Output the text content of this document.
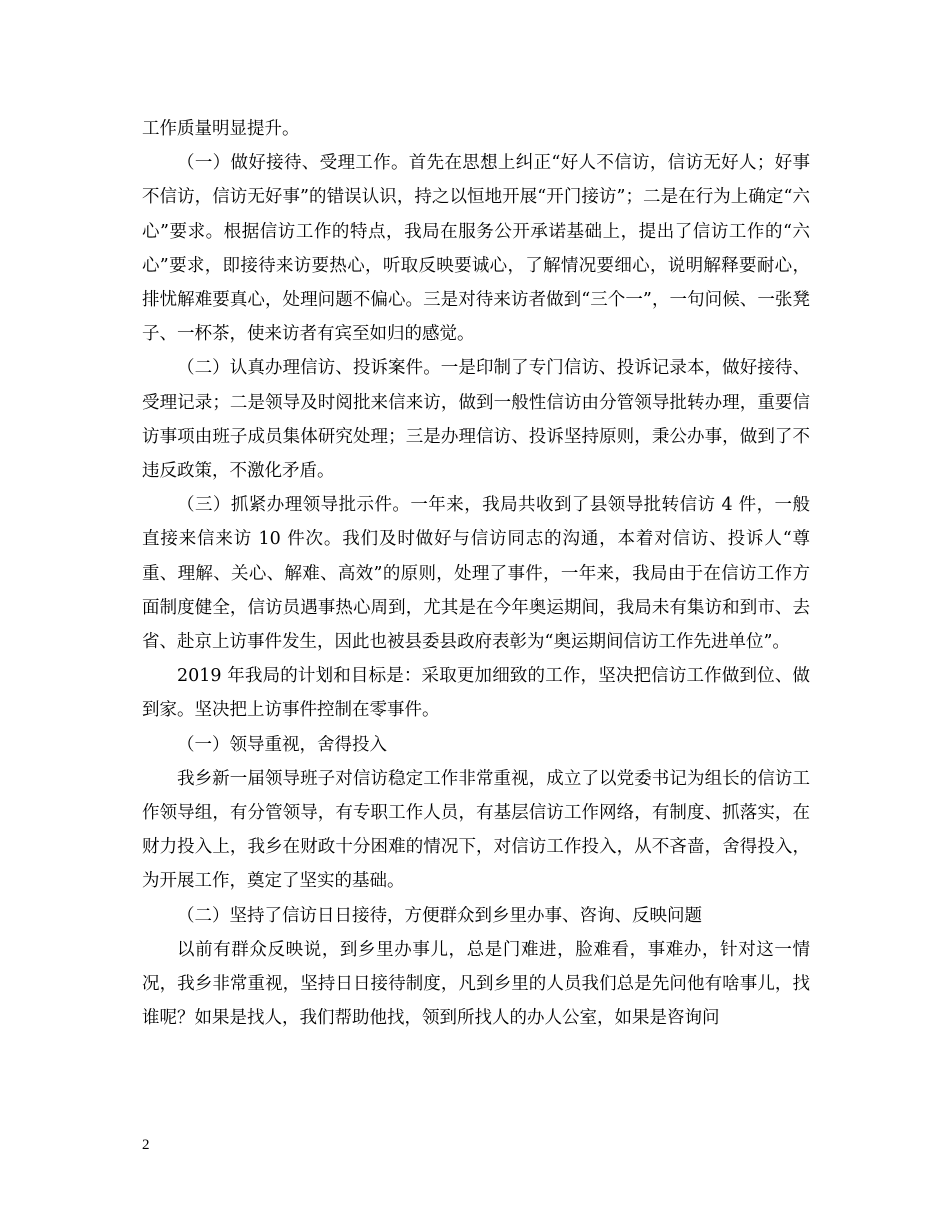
工作质量明显提升。

（一）做好接待、受理工作。首先在思想上纠正“好人不信访，信访无好人；好事不信访，信访无好事”的错误认识，持之以恒地开展“开门接访”；二是在行为上确定“六心”要求。根据信访工作的特点，我局在服务公开承诺基础上，提出了信访工作的“六心”要求，即接待来访要热心，听取反映要诚心，了解情况要细心，说明解释要耐心，排忧解难要真心，处理问题不偏心。三是对待来访者做到“三个一”，一句问候、一张凳子、一杯茶，使来访者有宾至如归的感觉。

（二）认真办理信访、投诉案件。一是印制了专门信访、投诉记录本，做好接待、受理记录；二是领导及时阅批来信来访，做到一般性信访由分管领导批转办理，重要信访事项由班子成员集体研究处理；三是办理信访、投诉坚持原则，秉公办事，做到了不违反政策，不激化矛盾。

（三）抓紧办理领导批示件。一年来，我局共收到了县领导批转信访 4 件，一般直接来信来访 10 件次。我们及时做好与信访同志的沟通，本着对信访、投诉人“尊重、理解、关心、解难、高效”的原则，处理了事件，一年来，我局由于在信访工作方面制度健全，信访员遇事热心周到，尤其是在今年奥运期间，我局未有集访和到市、去省、赴京上访事件发生，因此也被县委县政府表彰为“奥运期间信访工作先进单位”。

2019 年我局的计划和目标是：采取更加细致的工作，坚决把信访工作做到位、做到家。坚决把上访事件控制在零事件。

（一）领导重视，舍得投入

我乡新一届领导班子对信访稳定工作非常重视，成立了以党委书记为组长的信访工作领导组，有分管领导，有专职工作人员，有基层信访工作网络，有制度、抓落实，在财力投入上，我乡在财政十分困难的情况下，对信访工作投入，从不吝啬，舍得投入，为开展工作，奠定了坚实的基础。

（二）坚持了信访日日接待，方便群众到乡里办事、咨询、反映问题

以前有群众反映说，到乡里办事儿，总是门难进，脸难看，事难办，针对这一情况，我乡非常重视，坚持日日接待制度，凡到乡里的人员我们总是先问他有啥事儿，找谁呢？如果是找人，我们帮助他找，领到所找人的办人公室，如果是咨询问

2
